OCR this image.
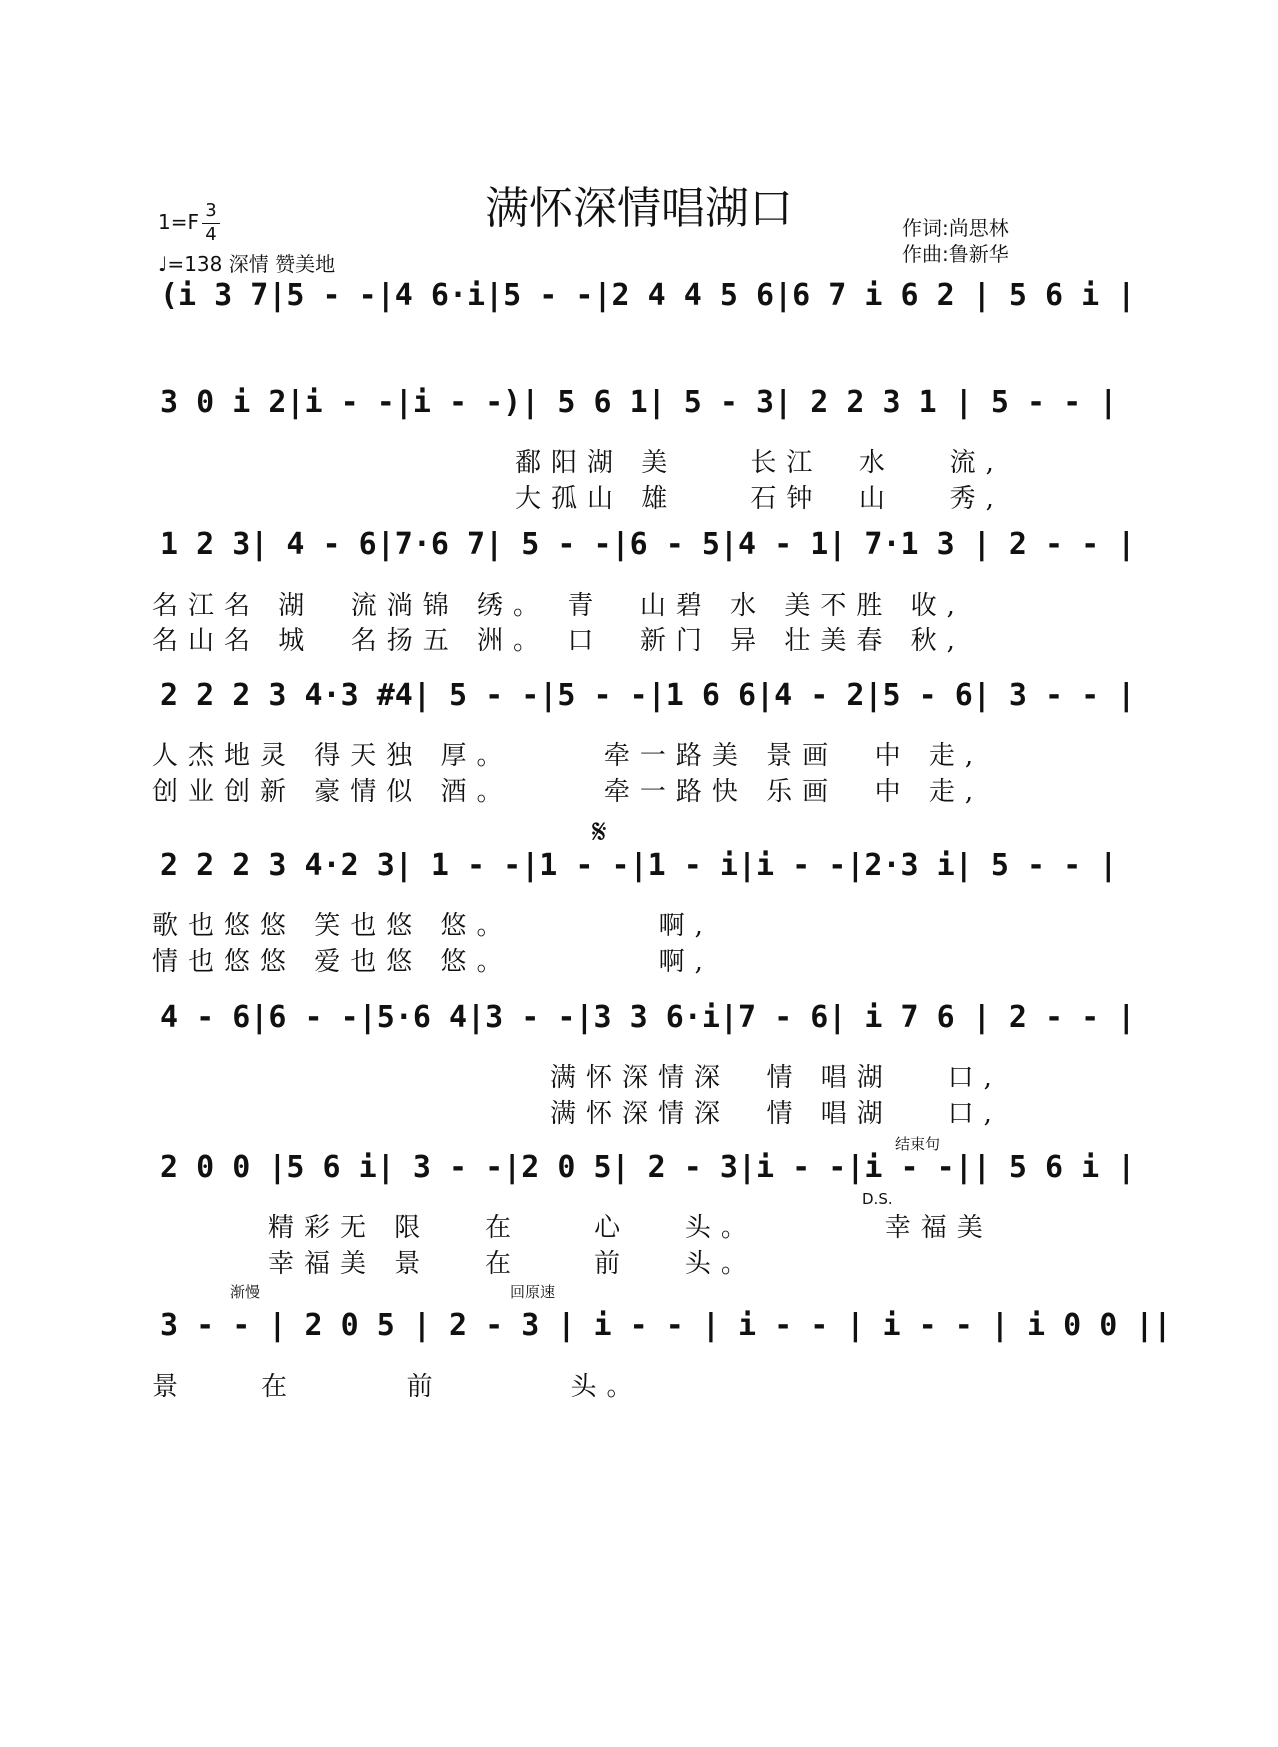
满怀深情唱湖口
1=F 3
4
♩=138 深情 赞美地
作词:尚思林
作曲:鲁新华
(i 3 7|5 - -|4 6·i|5 - -|2 4 4 5 6|6 7 i 6 2 | 5 6 i |
3 0 i 2|i - -|i - -)| 5 6 1| 5 - 3| 2 2 3 1 | 5 - - |
鄱阳湖 美    长江  水   流,
大孤山 雄    石钟  山   秀,
1 2 3| 4 - 6|7·6 7| 5 - -|6 - 5|4 - 1| 7·1 3 | 2 - - |
名江名 湖  流淌锦 绣。 青  山碧 水 美不胜 收,
名山名 城  名扬五 洲。 口  新门 异 壮美春 秋,
2 2 2 3 4·3 #4| 5 - -|5 - -|1 6 6|4 - 2|5 - 6| 3 - - |
人杰地灵 得天独 厚。     牵一路美 景画  中 走,
创业创新 豪情似 酒。     牵一路快 乐画  中 走,
𝄋
2 2 2 3 4·2 3| 1 - -|1 - -|1 - i|i - -|2·3 i| 5 - - |
歌也悠悠 笑也悠 悠。        啊,
情也悠悠 爱也悠 悠。        啊,
4 - 6|6 - -|5·6 4|3 - -|3 3 6·i|7 - 6| i 7 6 | 2 - - |
满怀深情深  情 唱湖   口,
满怀深情深  情 唱湖   口,
结束句
2 0 0 |5 6 i| 3 - -|2 0 5| 2 - 3|i - -|i - -|| 5 6 i |
D.S.
精彩无 限   在    心   头。       幸福美
幸福美 景   在    前   头。
渐慢	回原速
3 - - | 2 0 5 | 2 - 3 | i - - | i - - | i - - | i 0 0 ||
景    在      前       头。
